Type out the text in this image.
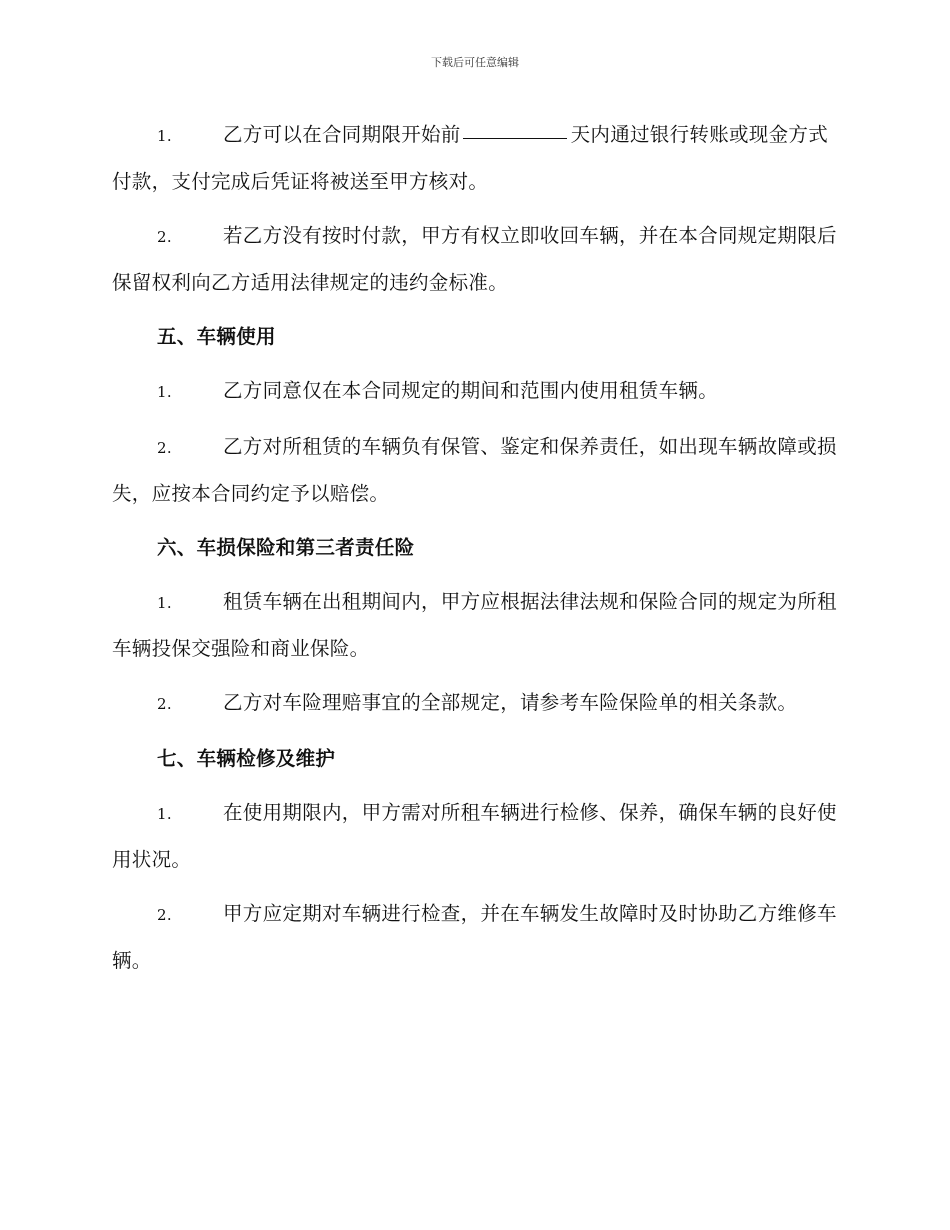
下载后可任意编辑

1.	乙方可以在合同期限开始前	天内通过银行转账或现金方式付款，支付完成后凭证将被送至甲方核对。

2.	若乙方没有按时付款，甲方有权立即收回车辆，并在本合同规定期限后保留权利向乙方适用法律规定的违约金标准。

五、车辆使用

1.	乙方同意仅在本合同规定的期间和范围内使用租赁车辆。

2.	乙方对所租赁的车辆负有保管、鉴定和保养责任，如出现车辆故障或损失，应按本合同约定予以赔偿。

六、车损保险和第三者责任险

1.	租赁车辆在出租期间内，甲方应根据法律法规和保险合同的规定为所租车辆投保交强险和商业保险。

2.	乙方对车险理赔事宜的全部规定，请参考车险保险单的相关条款。

七、车辆检修及维护

1.	在使用期限内，甲方需对所租车辆进行检修、保养，确保车辆的良好使用状况。

2.	甲方应定期对车辆进行检查，并在车辆发生故障时及时协助乙方维修车辆。
